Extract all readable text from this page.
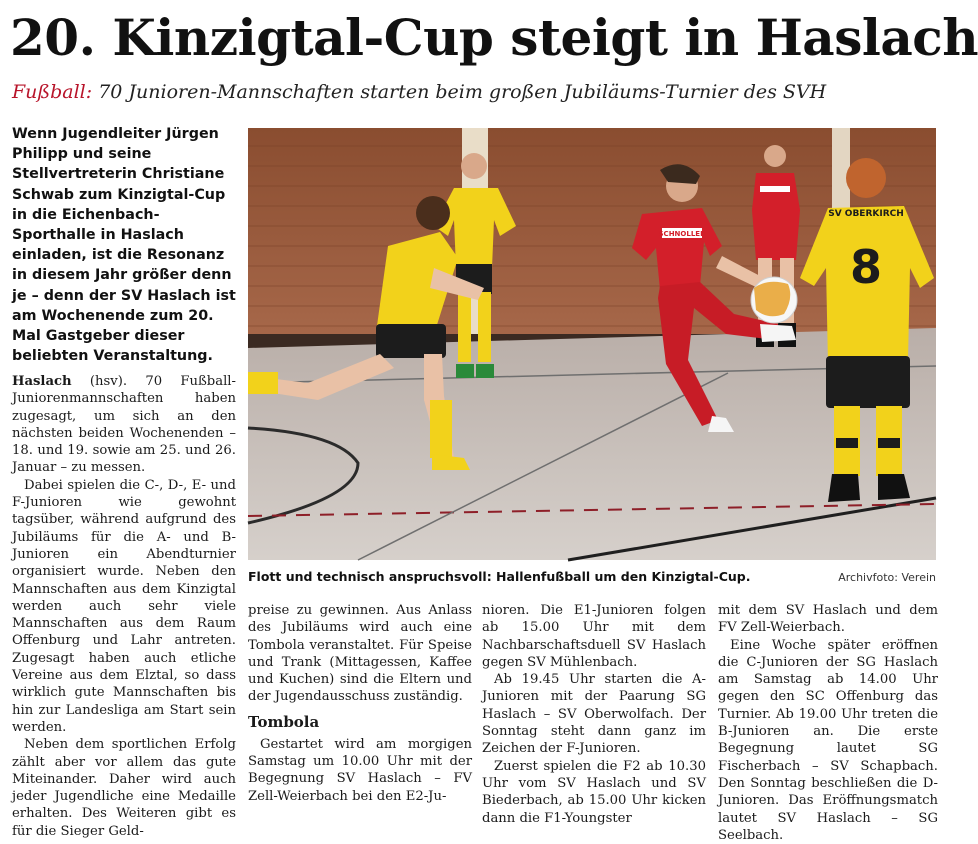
20. Kinzigtal-Cup steigt in Haslach
Fußball: 70 Junioren-Mannschaften starten beim großen Jubiläums-Turnier des SVH
Wenn Jugendleiter Jürgen Philipp und seine Stellvertreterin Christiane Schwab zum Kinzigtal-Cup in die Eichenbach-Sporthalle in Haslach einladen, ist die Resonanz in diesem Jahr größer denn je – denn der SV Haslach ist am Wochenende zum 20. Mal Gastgeber dieser beliebten Veranstaltung.

Haslach (hsv). 70 Fußball-Juniorenmannschaften haben zugesagt, um sich an den nächsten beiden Wochenenden – 18. und 19. sowie am 25. und 26. Januar – zu messen.

Dabei spielen die C-, D-, E- und F-Junioren wie gewohnt tagsüber, während aufgrund des Jubiläums für die A- und B-Junioren ein Abendturnier organisiert wurde. Neben den Mannschaften aus dem Kinzigtal werden auch sehr viele Mannschaften aus dem Raum Offenburg und Lahr antreten. Zugesagt haben auch etliche Vereine aus dem Elztal, so dass wirklich gute Mannschaften bis hin zur Landesliga am Start sein werden.

Neben dem sportlichen Erfolg zählt aber vor allem das gute Miteinander. Daher wird auch jeder Jugendliche eine Medaille erhalten. Des Weiteren gibt es für die Sieger Geld-

SV OBERKIRCH
8
SCHNOLLER
Flott und technisch anspruchsvoll: Hallenfußball um den Kinzigtal-Cup.	Archivfoto: Verein

preise zu gewinnen. Aus Anlass des Jubiläums wird auch eine Tombola veranstaltet. Für Speise und Trank (Mittagessen, Kaffee und Kuchen) sind die Eltern und der Jugendausschuss zuständig.

Tombola

Gestartet wird am morgigen Samstag um 10.00 Uhr mit der Begegnung SV Haslach – FV Zell-Weierbach bei den E2-Ju-

nioren. Die E1-Junioren folgen ab 15.00 Uhr mit dem Nachbarschaftsduell SV Haslach gegen SV Mühlenbach.

Ab 19.45 Uhr starten die A-Junioren mit der Paarung SG Haslach – SV Oberwolfach. Der Sonntag steht dann ganz im Zeichen der F-Junioren.

Zuerst spielen die F2 ab 10.30 Uhr vom SV Haslach und SV Biederbach, ab 15.00 Uhr kicken dann die F1-Youngster

mit dem SV Haslach und dem FV Zell-Weierbach.

Eine Woche später eröffnen die C-Junioren der SG Haslach am Samstag ab 14.00 Uhr gegen den SC Offenburg das Turnier. Ab 19.00 Uhr treten die B-Junioren an. Die erste Begegnung lautet SG Fischerbach – SV Schapbach. Den Sonntag beschließen die D-Junioren. Das Eröffnungsmatch lautet SV Haslach – SG Seelbach.
